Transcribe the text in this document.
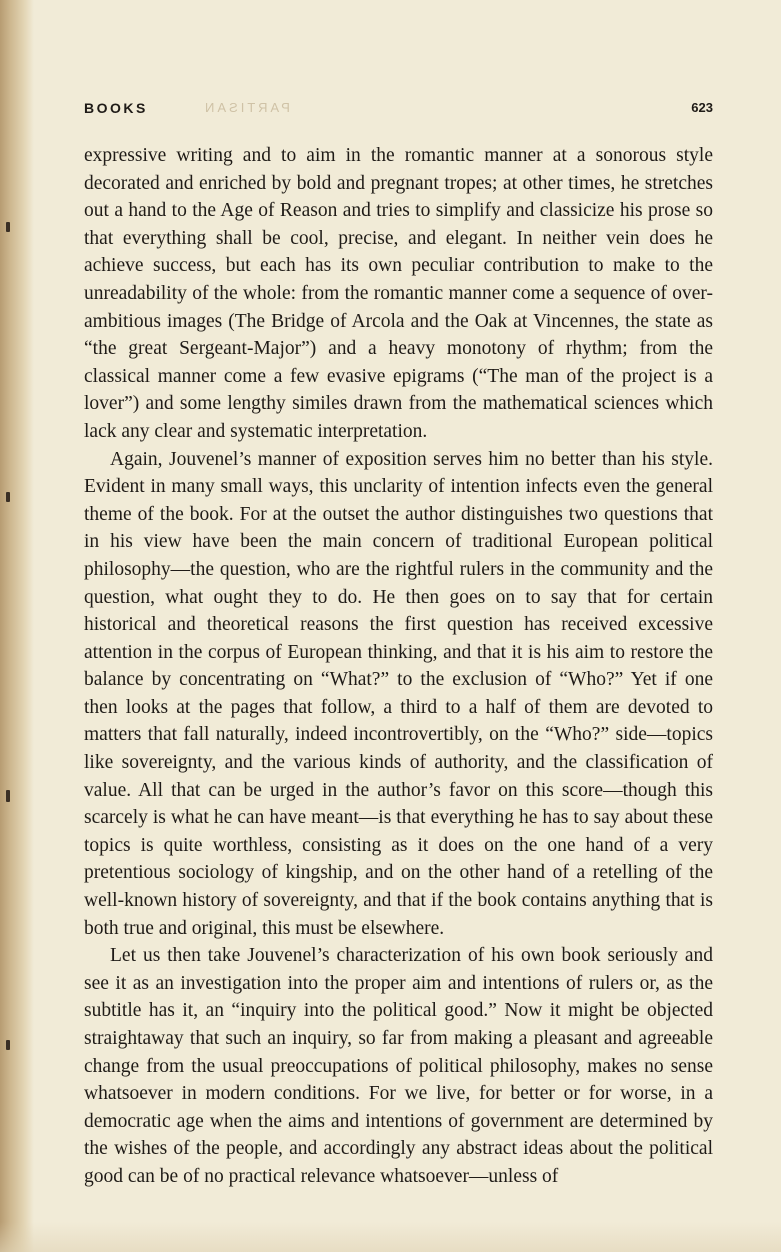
BOOKS	PARTISAN	623

expressive writing and to aim in the romantic manner at a sonorous style decorated and enriched by bold and pregnant tropes; at other times, he stretches out a hand to the Age of Reason and tries to simplify and classicize his prose so that everything shall be cool, precise, and elegant. In neither vein does he achieve success, but each has its own peculiar contribution to make to the unreadability of the whole: from the romantic manner come a sequence of over-ambitious images (The Bridge of Arcola and the Oak at Vincennes, the state as “the great Sergeant-Major”) and a heavy monotony of rhythm; from the classical manner come a few evasive epigrams (“The man of the project is a lover”) and some lengthy similes drawn from the mathematical sciences which lack any clear and systematic interpretation.

Again, Jouvenel’s manner of exposition serves him no better than his style. Evident in many small ways, this unclarity of intention infects even the general theme of the book. For at the outset the author distinguishes two questions that in his view have been the main concern of traditional European political philosophy—the question, who are the rightful rulers in the community and the question, what ought they to do. He then goes on to say that for certain historical and theoretical reasons the first question has received excessive attention in the corpus of European thinking, and that it is his aim to restore the balance by concentrating on “What?” to the exclusion of “Who?” Yet if one then looks at the pages that follow, a third to a half of them are devoted to matters that fall naturally, indeed incontrovertibly, on the “Who?” side—topics like sovereignty, and the various kinds of authority, and the classification of value. All that can be urged in the author’s favor on this score—though this scarcely is what he can have meant—is that everything he has to say about these topics is quite worthless, consisting as it does on the one hand of a very pretentious sociology of kingship, and on the other hand of a retelling of the well-known history of sovereignty, and that if the book contains anything that is both true and original, this must be elsewhere.

Let us then take Jouvenel’s characterization of his own book seriously and see it as an investigation into the proper aim and intentions of rulers or, as the subtitle has it, an “inquiry into the political good.” Now it might be objected straightaway that such an inquiry, so far from making a pleasant and agreeable change from the usual preoccupations of political philosophy, makes no sense whatsoever in modern conditions. For we live, for better or for worse, in a democratic age when the aims and intentions of government are determined by the wishes of the people, and accordingly any abstract ideas about the political good can be of no practical relevance whatsoever—unless of
